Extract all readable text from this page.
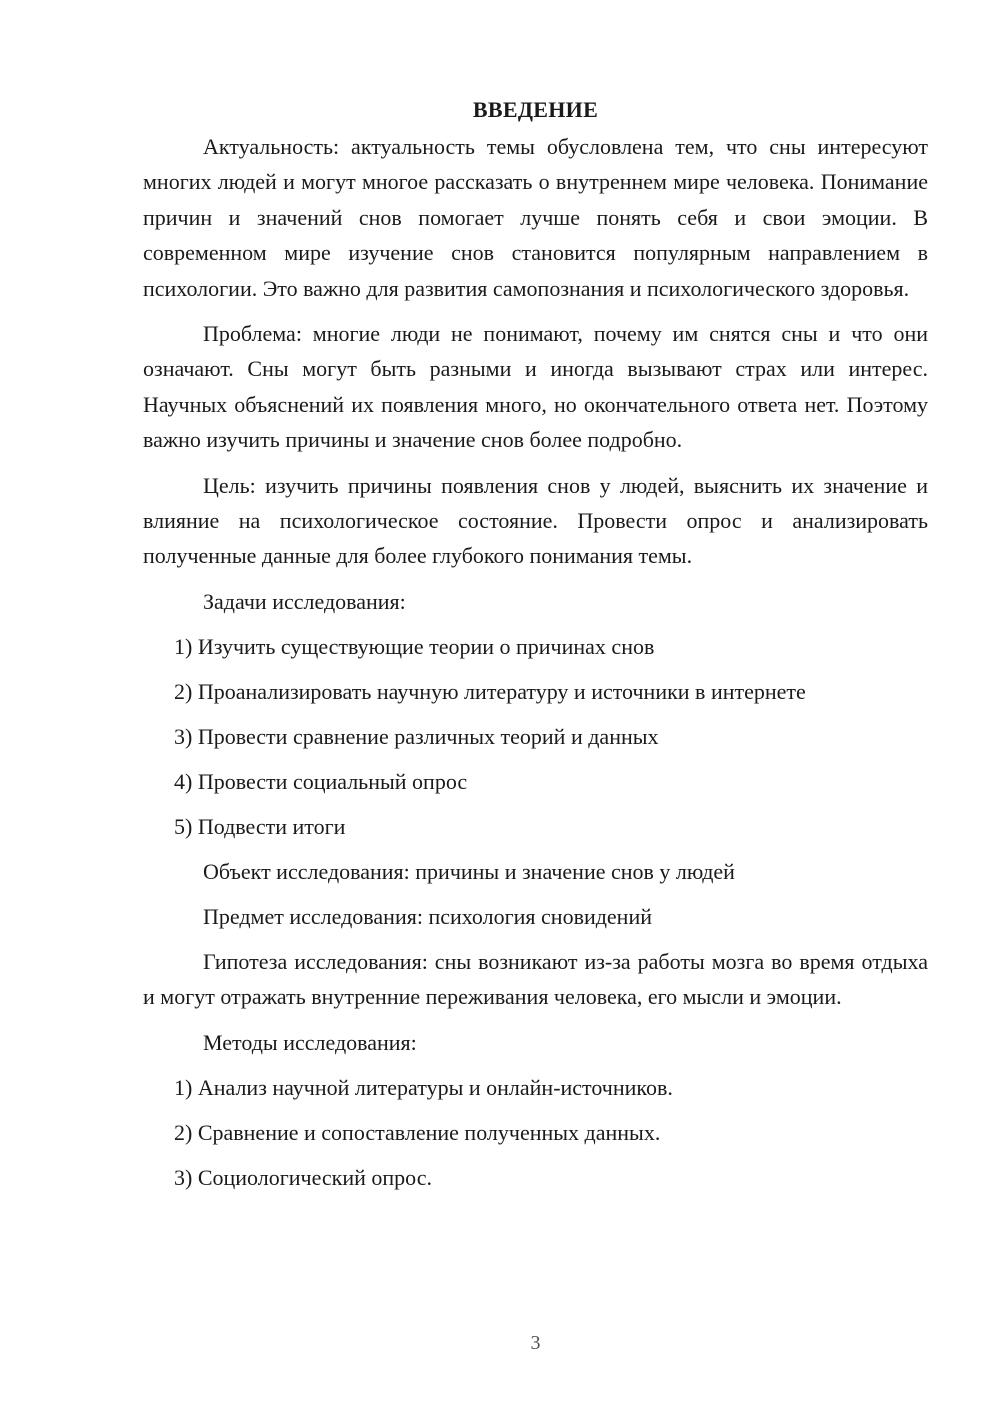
ВВЕДЕНИЕ

Актуальность: актуальность темы обусловлена тем, что сны интересуют многих людей и могут многое рассказать о внутреннем мире человека. Понимание причин и значений снов помогает лучше понять себя и свои эмоции. В современном мире изучение снов становится популярным направлением в психологии. Это важно для развития самопознания и психологического здоровья.

Проблема: многие люди не понимают, почему им снятся сны и что они означают. Сны могут быть разными и иногда вызывают страх или интерес. Научных объяснений их появления много, но окончательного ответа нет. Поэтому важно изучить причины и значение снов более подробно.

Цель: изучить причины появления снов у людей, выяснить их значение и влияние на психологическое состояние. Провести опрос и анализировать полученные данные для более глубокого понимания темы.

Задачи исследования:
1) Изучить существующие теории о причинах снов
2) Проанализировать научную литературу и источники в интернете
3) Провести сравнение различных теорий и данных
4) Провести социальный опрос
5) Подвести итоги
Объект исследования: причины и значение снов у людей
Предмет исследования: психология сновидений

Гипотеза исследования: сны возникают из-за работы мозга во время отдыха и могут отражать внутренние переживания человека, его мысли и эмоции.

Методы исследования:
1) Анализ научной литературы и онлайн-источников.
2) Сравнение и сопоставление полученных данных.
3) Социологический опрос.
3
